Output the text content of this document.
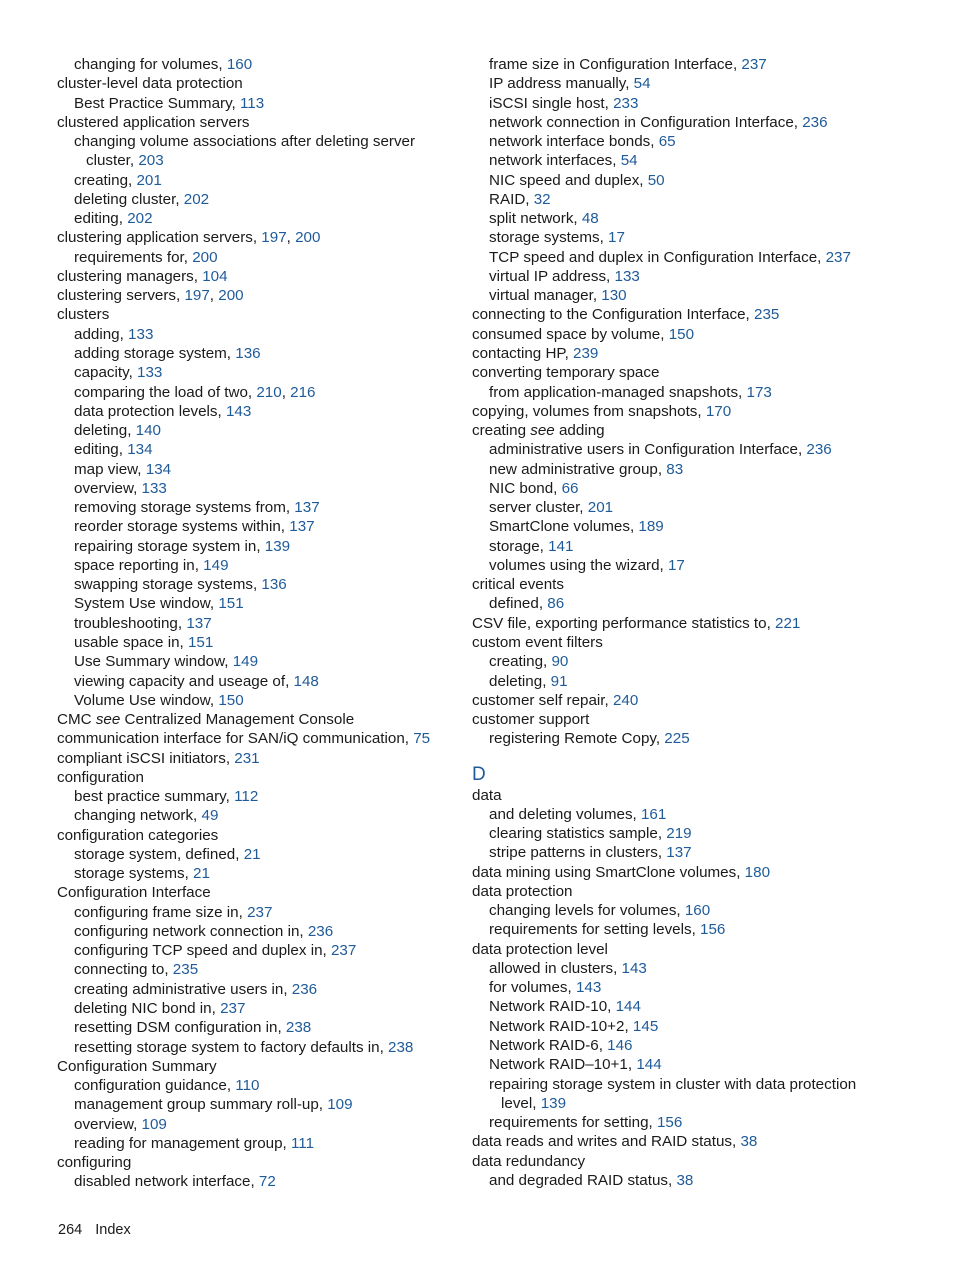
changing for volumes, 160
cluster-level data protection
Best Practice Summary, 113
clustered application servers
changing volume associations after deleting server
cluster, 203
creating, 201
deleting cluster, 202
editing, 202
clustering application servers, 197, 200
requirements for, 200
clustering managers, 104
clustering servers, 197, 200
clusters
adding, 133
adding storage system, 136
capacity, 133
comparing the load of two, 210, 216
data protection levels, 143
deleting, 140
editing, 134
map view, 134
overview, 133
removing storage systems from, 137
reorder storage systems within, 137
repairing storage system in, 139
space reporting in, 149
swapping storage systems, 136
System Use window, 151
troubleshooting, 137
usable space in, 151
Use Summary window, 149
viewing capacity and useage of, 148
Volume Use window, 150
CMC see Centralized Management Console
communication interface for SAN/iQ communication, 75
compliant iSCSI initiators, 231
configuration
best practice summary, 112
changing network, 49
configuration categories
storage system, defined, 21
storage systems, 21
Configuration Interface
configuring frame size in, 237
configuring network connection in, 236
configuring TCP speed and duplex in, 237
connecting to, 235
creating administrative users in, 236
deleting NIC bond in, 237
resetting DSM configuration in, 238
resetting storage system to factory defaults in, 238
Configuration Summary
configuration guidance, 110
management group summary roll-up, 109
overview, 109
reading for management group, 111
configuring
disabled network interface, 72
frame size in Configuration Interface, 237
IP address manually, 54
iSCSI single host, 233
network connection in Configuration Interface, 236
network interface bonds, 65
network interfaces, 54
NIC speed and duplex, 50
RAID, 32
split network, 48
storage systems, 17
TCP speed and duplex in Configuration Interface, 237
virtual IP address, 133
virtual manager, 130
connecting to the Configuration Interface, 235
consumed space by volume, 150
contacting HP, 239
converting temporary space
from application-managed snapshots, 173
copying, volumes from snapshots, 170
creating see adding
administrative users in Configuration Interface, 236
new administrative group, 83
NIC bond, 66
server cluster, 201
SmartClone volumes, 189
storage, 141
volumes using the wizard, 17
critical events
defined, 86
CSV file, exporting performance statistics to, 221
custom event filters
creating, 90
deleting, 91
customer self repair, 240
customer support
registering Remote Copy, 225
D
data
and deleting volumes, 161
clearing statistics sample, 219
stripe patterns in clusters, 137
data mining using SmartClone volumes, 180
data protection
changing levels for volumes, 160
requirements for setting levels, 156
data protection level
allowed in clusters, 143
for volumes, 143
Network RAID-10, 144
Network RAID-10+2, 145
Network RAID-6, 146
Network RAID–10+1, 144
repairing storage system in cluster with data protection
level, 139
requirements for setting, 156
data reads and writes and RAID status, 38
data redundancy
and degraded RAID status, 38
264 Index
